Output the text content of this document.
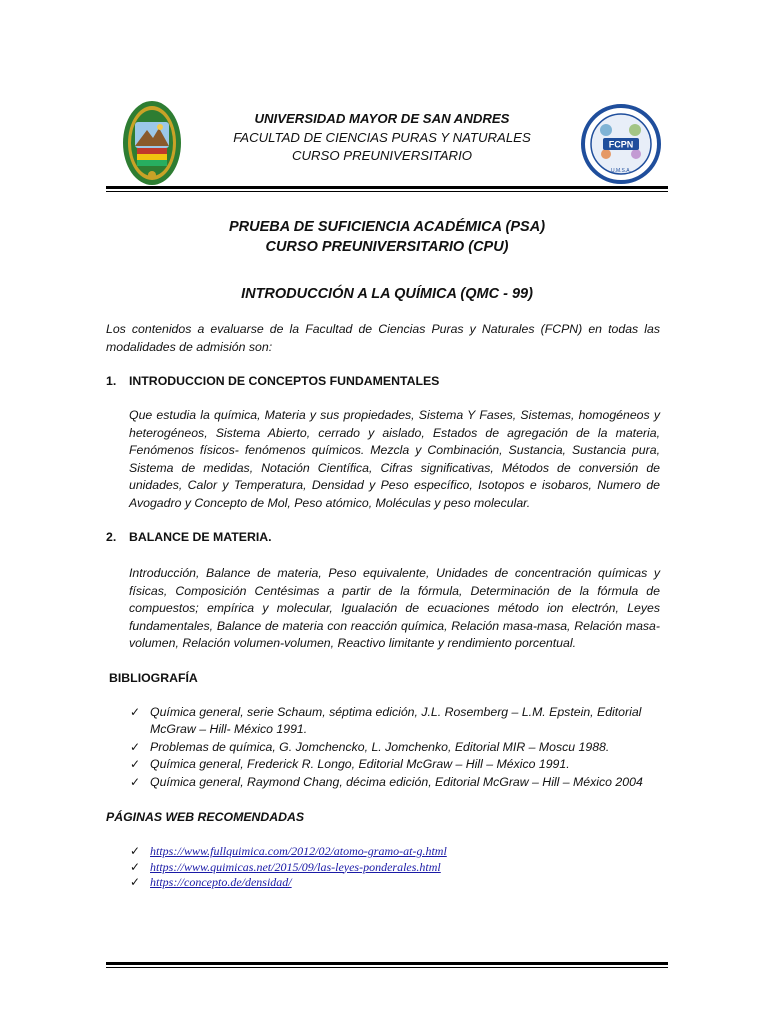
UNIVERSIDAD MAYOR DE SAN ANDRES
FACULTAD DE CIENCIAS PURAS Y NATURALES
CURSO PREUNIVERSITARIO
FCPN
U.M.S.A.
PRUEBA DE SUFICIENCIA ACADÉMICA (PSA)
CURSO PREUNIVERSITARIO (CPU)
INTRODUCCIÓN A LA QUÍMICA (QMC - 99)
Los contenidos a evaluarse de la Facultad de Ciencias Puras y Naturales (FCPN) en todas las modalidades de admisión son:
1. INTRODUCCION DE CONCEPTOS FUNDAMENTALES
Que estudia la química, Materia y sus propiedades, Sistema Y Fases, Sistemas, homogéneos y heterogéneos, Sistema Abierto, cerrado y aislado, Estados de agregación de la materia, Fenómenos físicos- fenómenos químicos. Mezcla y Combinación, Sustancia, Sustancia pura, Sistema de medidas, Notación Científica, Cifras significativas, Métodos de conversión de unidades, Calor y Temperatura, Densidad y Peso específico, Isotopos e isobaros, Numero de Avogadro y Concepto de Mol, Peso atómico, Moléculas y peso molecular.
2. BALANCE DE MATERIA.
Introducción, Balance de materia, Peso equivalente, Unidades de concentración químicas y físicas, Composición Centésimas a partir de la fórmula, Determinación de la fórmula de compuestos; empírica y molecular, Igualación de ecuaciones método ion electrón, Leyes fundamentales, Balance de materia con reacción química, Relación masa-masa, Relación masa-volumen, Relación volumen-volumen, Reactivo limitante y rendimiento porcentual.
BIBLIOGRAFÍA
✓ Química general, serie Schaum, séptima edición, J.L. Rosemberg – L.M. Epstein, Editorial McGraw – Hill- México 1991.
✓ Problemas de química, G. Jomchencko, L. Jomchenko, Editorial MIR – Moscu 1988.
✓ Química general, Frederick R. Longo, Editorial McGraw – Hill – México 1991.
✓ Química general, Raymond Chang, décima edición, Editorial McGraw – Hill – México 2004
PÁGINAS WEB RECOMENDADAS
✓ https://www.fullquimica.com/2012/02/atomo-gramo-at-g.html
✓ https://www.quimicas.net/2015/09/las-leyes-ponderales.html
✓ https://concepto.de/densidad/
